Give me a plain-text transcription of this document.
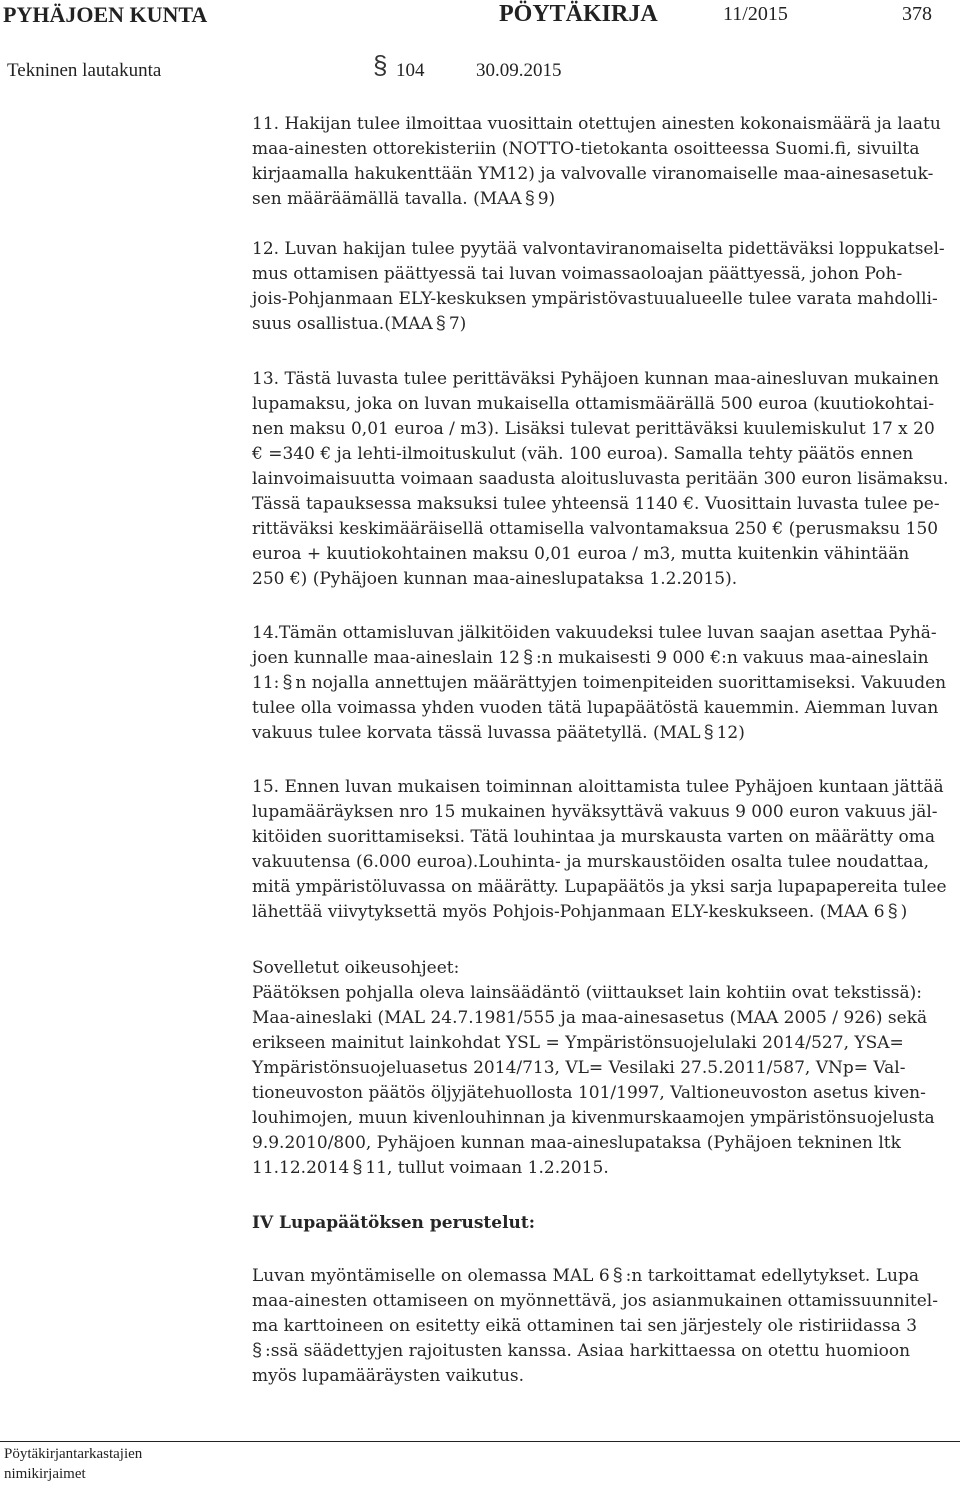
PYHÄJOEN KUNTA	PÖYTÄKIRJA	11/2015	378
Tekninen lautakunta	§ 104	30.09.2015
11. Hakijan tulee ilmoittaa vuosittain otettujen ainesten kokonaismäärä ja laatu
maa-ainesten ottorekisteriin (NOTTO-tietokanta osoitteessa Suomi.fi, sivuilta
kirjaamalla hakukenttään YM12) ja valvovalle viranomaiselle maa-ainesasetuk-
sen määräämällä tavalla. (MAA § 9)
12. Luvan hakijan tulee pyytää valvontaviranomaiselta pidettäväksi loppukatsel-
mus ottamisen päättyessä tai luvan voimassaoloajan päättyessä, johon Poh-
jois-Pohjanmaan ELY-keskuksen ympäristövastuualueelle tulee varata mahdolli-
suus osallistua.(MAA § 7)
13. Tästä luvasta tulee perittäväksi Pyhäjoen kunnan maa-ainesluvan mukainen
lupamaksu, joka on luvan mukaisella ottamismäärällä 500 euroa (kuutiokohtai-
nen maksu 0,01 euroa / m3). Lisäksi tulevat perittäväksi kuulemiskulut 17 x 20
€ =340 € ja lehti-ilmoituskulut (väh. 100 euroa). Samalla tehty päätös ennen
lainvoimaisuutta voimaan saadusta aloitusluvasta peritään 300 euron lisämaksu.
Tässä tapauksessa maksuksi tulee yhteensä 1140 €. Vuosittain luvasta tulee pe-
rittäväksi keskimääräisellä ottamisella valvontamaksua 250 € (perusmaksu 150
euroa + kuutiokohtainen maksu 0,01 euroa / m3, mutta kuitenkin vähintään
250 €) (Pyhäjoen kunnan maa-aineslupataksa 1.2.2015).
14.Tämän ottamisluvan jälkitöiden vakuudeksi tulee luvan saajan asettaa Pyhä-
joen kunnalle maa-aineslain 12 § :n mukaisesti 9 000 €:n vakuus maa-aineslain
11: § n nojalla annettujen määrättyjen toimenpiteiden suorittamiseksi. Vakuuden
tulee olla voimassa yhden vuoden tätä lupapäätöstä kauemmin. Aiemman luvan
vakuus tulee korvata tässä luvassa päätetyllä. (MAL § 12)
15. Ennen luvan mukaisen toiminnan aloittamista tulee Pyhäjoen kuntaan jättää
lupamääräyksen nro 15 mukainen hyväksyttävä vakuus 9 000 euron vakuus jäl-
kitöiden suorittamiseksi. Tätä louhintaa ja murskausta varten on määrätty oma
vakuutensa (6.000 euroa).Louhinta- ja murskaustöiden osalta tulee noudattaa,
mitä ympäristöluvassa on määrätty. Lupapäätös ja yksi sarja lupapapereita tulee
lähettää viivytyksettä myös Pohjois-Pohjanmaan ELY-keskukseen. (MAA 6 § )
Sovelletut oikeusohjeet:
Päätöksen pohjalla oleva lainsäädäntö (viittaukset lain kohtiin ovat tekstissä):
Maa-aineslaki (MAL 24.7.1981/555 ja maa-ainesasetus (MAA 2005 / 926) sekä
erikseen mainitut lainkohdat YSL = Ympäristönsuojelulaki 2014/527, YSA=
Ympäristönsuojeluasetus 2014/713, VL= Vesilaki 27.5.2011/587, VNp= Val-
tioneuvoston päätös öljyjätehuollosta 101/1997, Valtioneuvoston asetus kiven-
louhimojen, muun kivenlouhinnan ja kivenmurskaamojen ympäristönsuojelusta
9.9.2010/800, Pyhäjoen kunnan maa-aineslupataksa (Pyhäjoen tekninen ltk
11.12.2014 § 11, tullut voimaan 1.2.2015.
IV Lupapäätöksen perustelut:
Luvan myöntämiselle on olemassa MAL 6 § :n tarkoittamat edellytykset. Lupa
maa-ainesten ottamiseen on myönnettävä, jos asianmukainen ottamissuunnitel-
ma karttoineen on esitetty eikä ottaminen tai sen järjestely ole ristiriidassa 3
§ :ssä säädettyjen rajoitusten kanssa. Asiaa harkittaessa on otettu huomioon
myös lupamääräysten vaikutus.
Pöytäkirjantarkastajien
nimikirjaimet
